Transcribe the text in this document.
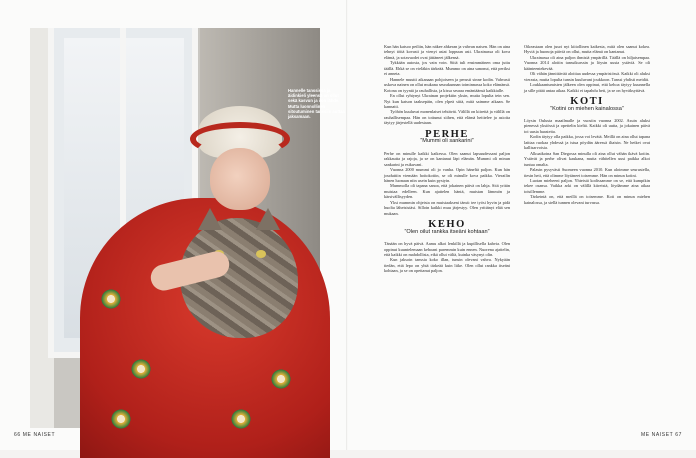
Hannelle tanssissa ja äidinkieli yleensä on ollut sekä kasvun ja ilon lähde. Mutta luonnollinen sitoutuminen tanssiin auttaa jaksamaan.
66 ME NAISET	ME NAISET 67

Kun hän katsoo peiliin, hän näkee ahkeran ja vahvan naisen. Hän on aina tehnyt töitä kovasti ja vienyt asiat loppuun asti. Ukrainassa oli kova elämä, ja sotavuodet ovat jättäneet jälkensä.

Tykkään autosta, jos vain voin. Siitä tuli ensimmäinen oma juttu täällä. Ehkä se on vieläkin tärkeää. Mummo on aina sanonut, että periksi ei anneta.

Hannele muutti aikanaan pohjoiseen ja perusti sinne kodin. Vahvasti uskova nainen on ollut mukana seurakunnan toiminnassa koko elämänsä. Kotona on tyyntä ja rauhallista, ja kissa seuraa emäntäänsä kaikkialle.

En ollut ryhtynyt Ukrainan projektiin yksin, mutta lopulta tein sen. Nyt kun katson taaksepäin, olen ylpeä siitä, mitä saimme aikaan. Se kannatti.

Työhön kuuluvat monenlaiset tehtävät. Välillä on kiirettä ja välillä on rauhallisempaa. Hän on tottunut siihen, että elämä heittelee ja asioita täytyy järjestellä uudestaan.

PERHE
”Mummi oli sankarini”

Perhe on minulle kaikki kaikessa. Olen saanut lapsuudessani paljon rakkautta ja rajoja, ja se on kantanut läpi elämän. Mummi oli minun sankarini ja esikuvani.

Vuonna 2000 mummi oli jo vanha. Opin häneltä paljon. Kun hän jouduttiin viemään hoitokotiin, se oli minulle kova paikka. Vierailin hänen luonaan niin usein kuin pystyin.

Mummolla oli tapana sanoa, että jokainen päivä on lahja. Sitä yritän muistaa edelleen. Kun ajattelen häntä, muistan lämmön ja kärsivällisyyden.

Yksi mummin ohjeista on muistaakseni tämä: tee työsi hyvin ja pidä huolta läheisistäsi. Silloin kaikki muu järjestyy. Olen yrittänyt elää sen mukaan.

KEHO
”Olen oilut rankka itseäni kohtaan”

Tänään on hyvä päivä. Aamu alkoi lenkillä ja kupillisella kahvia. Olen oppinut kuuntelemaan kehoani paremmin kuin ennen. Nuorena ajattelin, että kaikki on mahdollista, eikä ollut väliä, kuinka väsynyt olin.

Kun jaksoin tanssia koko illan, tunsin olevani vahva. Nykyään tiedän, että lepo on yhtä tärkeää kuin liike. Olen ollut rankka itseäni kohtaan, ja se on opettanut paljon.

Oikeastaan olen juuri nyt kiitollinen kaikesta, mitä olen saanut kokea. Hyviä ja huonoja päiviä on ollut, mutta elämä on kantanut.

Ukrainassa oli aina paljon ihmisiä ympärillä. Täällä on hiljaisempaa. Vuonna 2014 aloitin tanssikurssin ja löysin uusia ystäviä. Se oli käänteentekevää.

Oli vähän jännittävää aloittaa uudessa ympäristössä. Kaikki oli aluksi vierasta, mutta lopulta tunsin kuuluvani joukkoon. Tanssi yhdisti meidät.

Loukkaantumisten jälkeen olen oppinut, että kehoa täytyy kuunnella ja sille pitää antaa aikaa. Kaikki ei tapahdu heti, ja se on hyväksyttävä.

KOTI
”Kotini on miehen kainalossa”

Löysin Oulusta maailmalle ja vuosiin vuonna 2002. Asuin aluksi pienessä yksiössä ja opettelin kieltä. Kaikki oli uutta, ja jokainen päivä toi uusia haasteita.

Kodin täytyy olla paikka, jossa voi levätä. Meillä on aina ollut tapana laittaa ruokaa yhdessä ja istua pöydän ääressä iltaisin. Ne hetket ovat kallisarvoisia.

Alkuaikoina San Diegossa minulla oli aina ollut vähän ikävä kotiin. Ystävät ja perhe olivat kaukana, mutta vähitellen uusi paikka alkoi tuntua omalta.

Palasin pysyvästi Suomeen vuonna 2010. Kun aloimme seurustella, tiesin heti, että olimme löytäneet toisemme. Hän on minun kotini.

Luotan mieheeni paljon. Yhteistä kodissamme on se, että kumpikin tekee osansa. Vaikka arki on välillä kiireistä, löydämme aina aikaa toisillemme.

Tärkeintä on, että meillä on toisemme. Koti on minun miehen kainalossa, ja siellä tunnen olevani turvassa.
